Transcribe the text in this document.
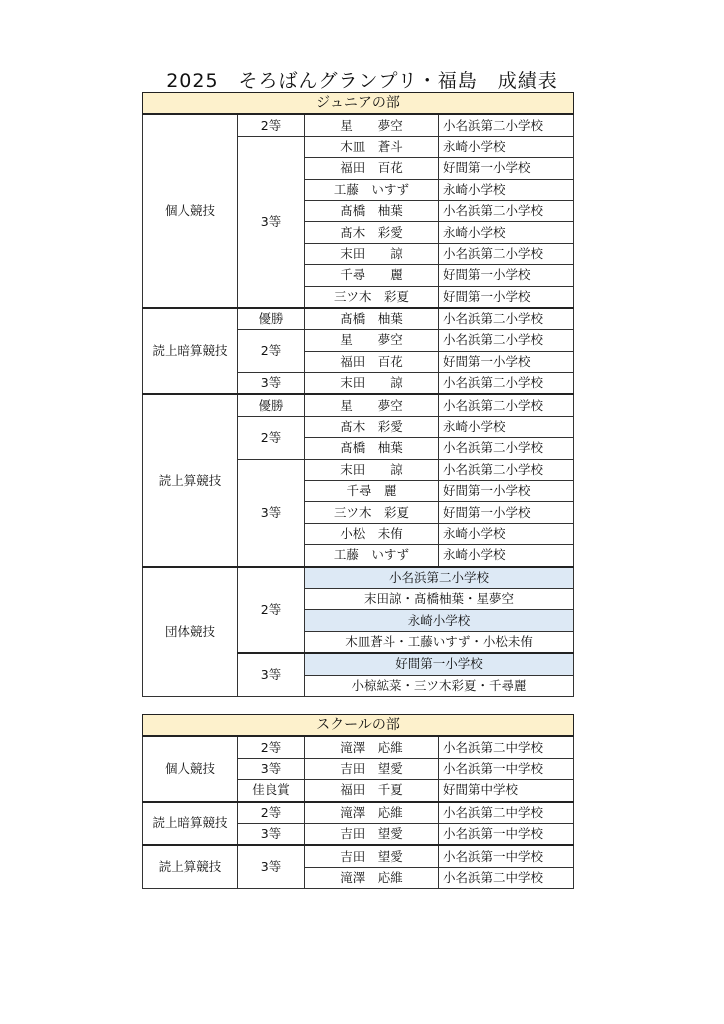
2025　そろばんグランプリ・福島　成績表
ジュニアの部			
個人競技	2等	星　　夢空	小名浜第二小学校
	3等	木皿　蒼斗	永崎小学校
		福田　百花	好間第一小学校
		工藤　いすず	永崎小学校
		髙橋　柚葉	小名浜第二小学校
		髙木　彩愛	永崎小学校
		末田　　諒	小名浜第二小学校
		千尋　　麗	好間第一小学校
		三ツ木　彩夏	好間第一小学校
読上暗算競技	優勝	髙橋　柚葉	小名浜第二小学校
	2等	星　　夢空	小名浜第二小学校
		福田　百花	好間第一小学校
	3等	末田　　諒	小名浜第二小学校
読上算競技	優勝	星　　夢空	小名浜第二小学校
	2等	髙木　彩愛	永崎小学校
		髙橋　柚葉	小名浜第二小学校
	3等	末田　　諒	小名浜第二小学校
		千尋　麗	好間第一小学校
		三ツ木　彩夏	好間第一小学校
		小松　未侑	永崎小学校
		工藤　いすず	永崎小学校
団体競技	2等	小名浜第二小学校	
		末田諒・髙橋柚葉・星夢空	
		永崎小学校	
		木皿蒼斗・工藤いすず・小松未侑	
	3等	好間第一小学校	
		小椋絋菜・三ツ木彩夏・千尋麗	
スクールの部			
個人競技	2等	滝澤　応維	小名浜第二中学校
	3等	吉田　望愛	小名浜第一中学校
	佳良賞	福田　千夏	好間第中学校
読上暗算競技	2等	滝澤　応維	小名浜第二中学校
	3等	吉田　望愛	小名浜第一中学校
読上算競技	3等	吉田　望愛	小名浜第一中学校
		滝澤　応維	小名浜第二中学校
